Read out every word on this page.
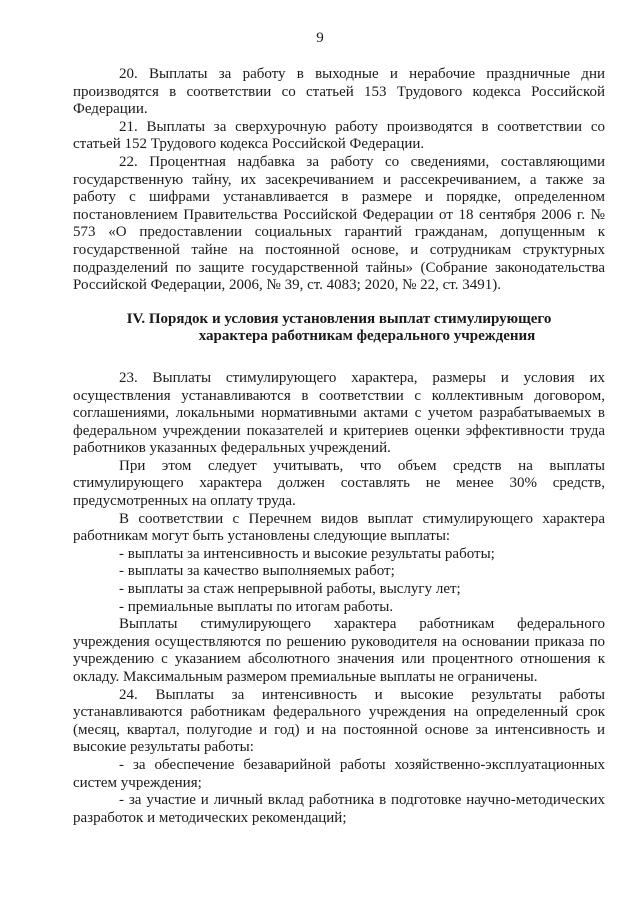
9

20. Выплаты за работу в выходные и нерабочие праздничные дни производятся в соответствии со статьей 153 Трудового кодекса Российской Федерации.

21. Выплаты за сверхурочную работу производятся в соответствии со статьей 152 Трудового кодекса Российской Федерации.

22. Процентная надбавка за работу со сведениями, составляющими государственную тайну, их засекречиванием и рассекречиванием, а также за работу с шифрами устанавливается в размере и порядке, определенном постановлением Правительства Российской Федерации от 18 сентября 2006 г. № 573 «О предоставлении социальных гарантий гражданам, допущенным к государственной тайне на постоянной основе, и сотрудникам структурных подразделений по защите государственной тайны» (Собрание законодательства Российской Федерации, 2006, № 39, ст. 4083; 2020, № 22, ст. 3491).

IV. Порядок и условия установления выплат стимулирующего
характера работникам федерального учреждения

23. Выплаты стимулирующего характера, размеры и условия их осуществления устанавливаются в соответствии с коллективным договором, соглашениями, локальными нормативными актами с учетом разрабатываемых в федеральном учреждении показателей и критериев оценки эффективности труда работников указанных федеральных учреждений.

При этом следует учитывать, что объем средств на выплаты стимулирующего характера должен составлять не менее 30% средств, предусмотренных на оплату труда.

В соответствии с Перечнем видов выплат стимулирующего характера работникам могут быть установлены следующие выплаты:

- выплаты за интенсивность и высокие результаты работы;

- выплаты за качество выполняемых работ;

- выплаты за стаж непрерывной работы, выслугу лет;

- премиальные выплаты по итогам работы.

Выплаты стимулирующего характера работникам федерального учреждения осуществляются по решению руководителя на основании приказа по учреждению с указанием абсолютного значения или процентного отношения к окладу. Максимальным размером премиальные выплаты не ограничены.

24. Выплаты за интенсивность и высокие результаты работы устанавливаются работникам федерального учреждения на определенный срок (месяц, квартал, полугодие и год) и на постоянной основе за интенсивность и высокие результаты работы:

- за обеспечение безаварийной работы хозяйственно-эксплуатационных систем учреждения;

- за участие и личный вклад работника в подготовке научно-методических разработок и методических рекомендаций;
